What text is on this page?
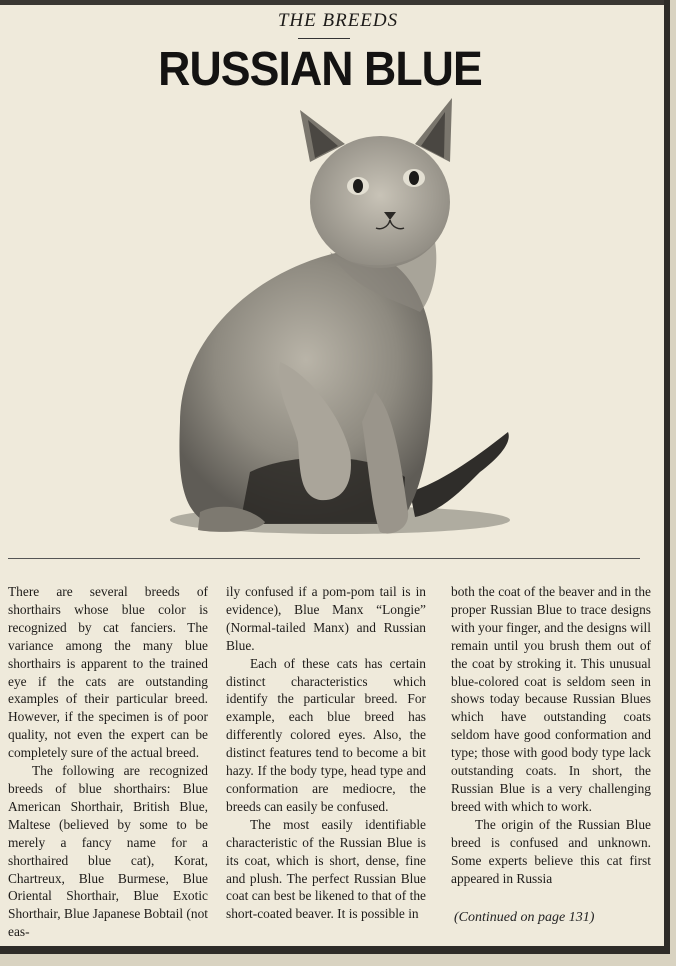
THE BREEDS
RUSSIAN BLUE

There are several breeds of shorthairs whose blue color is recognized by cat fanciers. The variance among the many blue shorthairs is apparent to the trained eye if the cats are outstanding examples of their particular breed. However, if the specimen is of poor quality, not even the expert can be completely sure of the actual breed.

The following are recognized breeds of blue shorthairs: Blue American Shorthair, British Blue, Maltese (believed by some to be merely a fancy name for a shorthaired blue cat), Korat, Chartreux, Blue Burmese, Blue Oriental Shorthair, Blue Exotic Shorthair, Blue Japanese Bobtail (not eas-

ily confused if a pom-pom tail is in evidence), Blue Manx “Longie” (Normal-tailed Manx) and Russian Blue.

Each of these cats has certain distinct characteristics which identify the particular breed. For example, each blue breed has differently colored eyes. Also, the distinct features tend to become a bit hazy. If the body type, head type and conformation are mediocre, the breeds can easily be confused.

The most easily identifiable characteristic of the Russian Blue is its coat, which is short, dense, fine and plush. The perfect Russian Blue coat can best be likened to that of the short-coated beaver. It is possible in

both the coat of the beaver and in the proper Russian Blue to trace designs with your finger, and the designs will remain until you brush them out of the coat by stroking it. This unusual blue-colored coat is seldom seen in shows today because Russian Blues which have outstanding coats seldom have good conformation and type; those with good body type lack outstanding coats. In short, the Russian Blue is a very challenging breed with which to work.

The origin of the Russian Blue breed is confused and unknown. Some experts believe this cat first appeared in Russia

(Continued on page 131)
